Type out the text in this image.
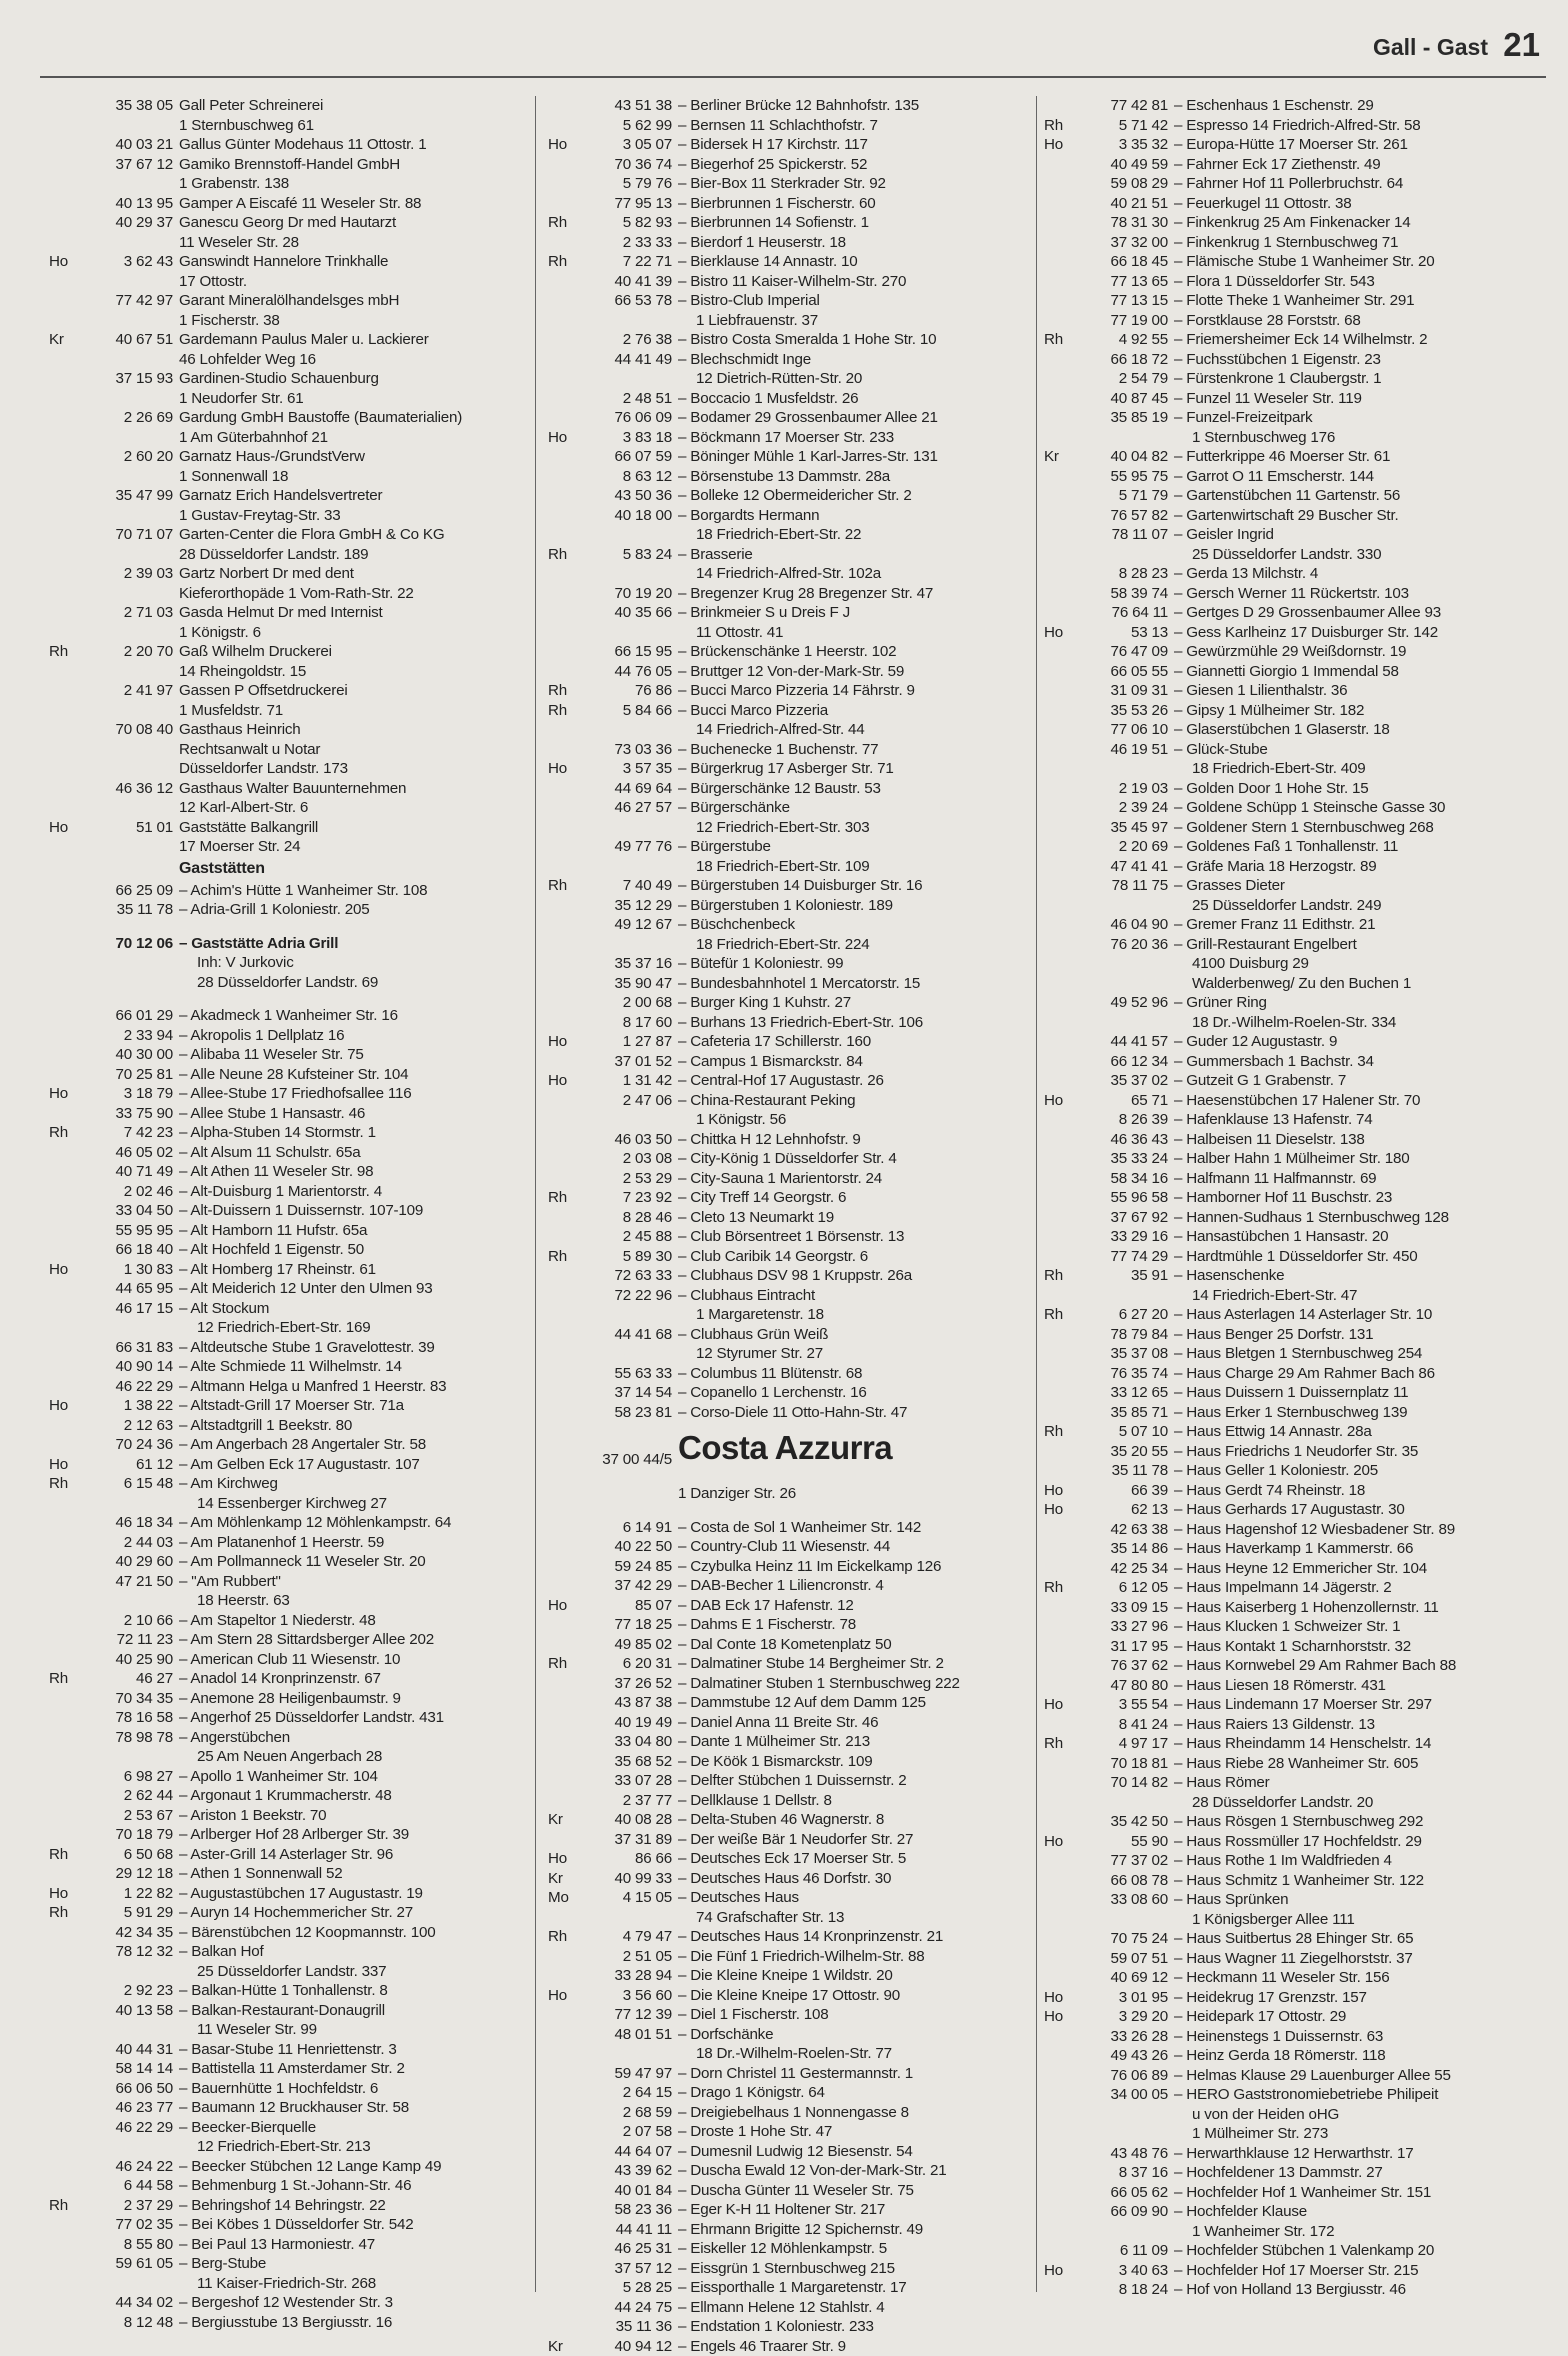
Gall - Gast 21
35 38 05 Gall Peter Schreinerei
1 Sternbuschweg 61
40 03 21 Gallus Günter Modehaus 11 Ottostr. 1
37 67 12 Gamiko Brennstoff-Handel GmbH
1 Grabenstr. 138
40 13 95 Gamper A Eiscafé 11 Weseler Str. 88
40 29 37 Ganescu Georg Dr med Hautarzt
11 Weseler Str. 28
Ho	3 62 43 Ganswindt Hannelore Trinkhalle
17 Ottostr.
77 42 97 Garant Mineralölhandelsges mbH
1 Fischerstr. 38
Kr	40 67 51 Gardemann Paulus Maler u. Lackierer
46 Lohfelder Weg 16
37 15 93 Gardinen-Studio Schauenburg
1 Neudorfer Str. 61
2 26 69 Gardung GmbH Baustoffe (Baumaterialien)
1 Am Güterbahnhof 21
2 60 20 Garnatz Haus-/GrundstVerw
1 Sonnenwall 18
35 47 99 Garnatz Erich Handelsvertreter
1 Gustav-Freytag-Str. 33
70 71 07 Garten-Center die Flora GmbH & Co KG
28 Düsseldorfer Landstr. 189
2 39 03 Gartz Norbert Dr med dent
Kieferorthopäde 1 Vom-Rath-Str. 22
2 71 03 Gasda Helmut Dr med Internist
1 Königstr. 6
Rh	2 20 70 Gaß Wilhelm Druckerei
14 Rheingoldstr. 15
2 41 97 Gassen P Offsetdruckerei
1 Musfeldstr. 71
70 08 40 Gasthaus Heinrich
Rechtsanwalt u Notar
Düsseldorfer Landstr. 173
46 36 12 Gasthaus Walter Bauunternehmen
12 Karl-Albert-Str. 6
Ho	51 01 Gaststätte Balkangrill
17 Moerser Str. 24
Gaststätten
66 25 09 – Achim's Hütte 1 Wanheimer Str. 108
35 11 78 – Adria-Grill 1 Koloniestr. 205
70 12 06 – Gaststätte Adria Grill
Inh: V Jurkovic
28 Düsseldorfer Landstr. 69
66 01 29 – Akadmeck 1 Wanheimer Str. 16
2 33 94 – Akropolis 1 Dellplatz 16
40 30 00 – Alibaba 11 Weseler Str. 75
70 25 81 – Alle Neune 28 Kufsteiner Str. 104
Ho	3 18 79 – Allee-Stube 17 Friedhofsallee 116
33 75 90 – Allee Stube 1 Hansastr. 46
Rh	7 42 23 – Alpha-Stuben 14 Stormstr. 1
46 05 02 – Alt Alsum 11 Schulstr. 65a
40 71 49 – Alt Athen 11 Weseler Str. 98
2 02 46 – Alt-Duisburg 1 Marientorstr. 4
33 04 50 – Alt-Duissern 1 Duissernstr. 107-109
55 95 95 – Alt Hamborn 11 Hufstr. 65a
66 18 40 – Alt Hochfeld 1 Eigenstr. 50
Ho	1 30 83 – Alt Homberg 17 Rheinstr. 61
44 65 95 – Alt Meiderich 12 Unter den Ulmen 93
46 17 15 – Alt Stockum
12 Friedrich-Ebert-Str. 169
66 31 83 – Altdeutsche Stube 1 Gravelottestr. 39
40 90 14 – Alte Schmiede 11 Wilhelmstr. 14
46 22 29 – Altmann Helga u Manfred 1 Heerstr. 83
Ho	1 38 22 – Altstadt-Grill 17 Moerser Str. 71a
2 12 63 – Altstadtgrill 1 Beekstr. 80
70 24 36 – Am Angerbach 28 Angertaler Str. 58
Ho	61 12 – Am Gelben Eck 17 Augustastr. 107
Rh	6 15 48 – Am Kirchweg
14 Essenberger Kirchweg 27
46 18 34 – Am Möhlenkamp 12 Möhlenkampstr. 64
2 44 03 – Am Platanenhof 1 Heerstr. 59
40 29 60 – Am Pollmanneck 11 Weseler Str. 20
47 21 50 – "Am Rubbert"
18 Heerstr. 63
2 10 66 – Am Stapeltor 1 Niederstr. 48
72 11 23 – Am Stern 28 Sittardsberger Allee 202
40 25 90 – American Club 11 Wiesenstr. 10
Rh	46 27 – Anadol 14 Kronprinzenstr. 67
70 34 35 – Anemone 28 Heiligenbaumstr. 9
78 16 58 – Angerhof 25 Düsseldorfer Landstr. 431
78 98 78 – Angerstübchen
25 Am Neuen Angerbach 28
6 98 27 – Apollo 1 Wanheimer Str. 104
2 62 44 – Argonaut 1 Krummacherstr. 48
2 53 67 – Ariston 1 Beekstr. 70
70 18 79 – Arlberger Hof 28 Arlberger Str. 39
Rh	6 50 68 – Aster-Grill 14 Asterlager Str. 96
29 12 18 – Athen 1 Sonnenwall 52
Ho	1 22 82 – Augustastübchen 17 Augustastr. 19
Rh	5 91 29 – Auryn 14 Hochemmericher Str. 27
42 34 35 – Bärenstübchen 12 Koopmannstr. 100
78 12 32 – Balkan Hof
25 Düsseldorfer Landstr. 337
2 92 23 – Balkan-Hütte 1 Tonhallenstr. 8
40 13 58 – Balkan-Restaurant-Donaugrill
11 Weseler Str. 99
40 44 31 – Basar-Stube 11 Henriettenstr. 3
58 14 14 – Battistella 11 Amsterdamer Str. 2
66 06 50 – Bauernhütte 1 Hochfeldstr. 6
46 23 77 – Baumann 12 Bruckhauser Str. 58
46 22 29 – Beecker-Bierquelle
12 Friedrich-Ebert-Str. 213
46 24 22 – Beecker Stübchen 12 Lange Kamp 49
6 44 58 – Behmenburg 1 St.-Johann-Str. 46
Rh	2 37 29 – Behringshof 14 Behringstr. 22
77 02 35 – Bei Köbes 1 Düsseldorfer Str. 542
8 55 80 – Bei Paul 13 Harmoniestr. 47
59 61 05 – Berg-Stube
11 Kaiser-Friedrich-Str. 268
44 34 02 – Bergeshof 12 Westender Str. 3
8 12 48 – Bergiusstube 13 Bergiusstr. 16
43 51 38 – Berliner Brücke 12 Bahnhofstr. 135
5 62 99 – Bernsen 11 Schlachthofstr. 7
Ho	3 05 07 – Bidersek H 17 Kirchstr. 117
70 36 74 – Biegerhof 25 Spickerstr. 52
5 79 76 – Bier-Box 11 Sterkrader Str. 92
77 95 13 – Bierbrunnen 1 Fischerstr. 60
Rh	5 82 93 – Bierbrunnen 14 Sofienstr. 1
2 33 33 – Bierdorf 1 Heuserstr. 18
Rh	7 22 71 – Bierklause 14 Annastr. 10
40 41 39 – Bistro 11 Kaiser-Wilhelm-Str. 270
66 53 78 – Bistro-Club Imperial
1 Liebfrauenstr. 37
2 76 38 – Bistro Costa Smeralda 1 Hohe Str. 10
44 41 49 – Blechschmidt Inge
12 Dietrich-Rütten-Str. 20
2 48 51 – Boccacio 1 Musfeldstr. 26
76 06 09 – Bodamer 29 Grossenbaumer Allee 21
Ho	3 83 18 – Böckmann 17 Moerser Str. 233
66 07 59 – Böninger Mühle 1 Karl-Jarres-Str. 131
8 63 12 – Börsenstube 13 Dammstr. 28a
43 50 36 – Bolleke 12 Obermeidericher Str. 2
40 18 00 – Borgardts Hermann
18 Friedrich-Ebert-Str. 22
Rh	5 83 24 – Brasserie
14 Friedrich-Alfred-Str. 102a
70 19 20 – Bregenzer Krug 28 Bregenzer Str. 47
40 35 66 – Brinkmeier S u Dreis F J
11 Ottostr. 41
66 15 95 – Brückenschänke 1 Heerstr. 102
44 76 05 – Bruttger 12 Von-der-Mark-Str. 59
Rh	76 86 – Bucci Marco Pizzeria 14 Fährstr. 9
Rh	5 84 66 – Bucci Marco Pizzeria
14 Friedrich-Alfred-Str. 44
73 03 36 – Buchenecke 1 Buchenstr. 77
Ho	3 57 35 – Bürgerkrug 17 Asberger Str. 71
44 69 64 – Bürgerschänke 12 Baustr. 53
46 27 57 – Bürgerschänke
12 Friedrich-Ebert-Str. 303
49 77 76 – Bürgerstube
18 Friedrich-Ebert-Str. 109
Rh	7 40 49 – Bürgerstuben 14 Duisburger Str. 16
35 12 29 – Bürgerstuben 1 Koloniestr. 189
49 12 67 – Büschchenbeck
18 Friedrich-Ebert-Str. 224
35 37 16 – Bütefür 1 Koloniestr. 99
35 90 47 – Bundesbahnhotel 1 Mercatorstr. 15
2 00 68 – Burger King 1 Kuhstr. 27
8 17 60 – Burhans 13 Friedrich-Ebert-Str. 106
Ho	1 27 87 – Cafeteria 17 Schillerstr. 160
37 01 52 – Campus 1 Bismarckstr. 84
Ho	1 31 42 – Central-Hof 17 Augustastr. 26
2 47 06 – China-Restaurant Peking
1 Königstr. 56
46 03 50 – Chittka H 12 Lehnhofstr. 9
2 03 08 – City-König 1 Düsseldorfer Str. 4
2 53 29 – City-Sauna 1 Marientorstr. 24
Rh	7 23 92 – City Treff 14 Georgstr. 6
8 28 46 – Cleto 13 Neumarkt 19
2 45 88 – Club Börsentreet 1 Börsenstr. 13
Rh	5 89 30 – Club Caribik 14 Georgstr. 6
72 63 33 – Clubhaus DSV 98 1 Kruppstr. 26a
72 22 96 – Clubhaus Eintracht
1 Margaretenstr. 18
44 41 68 – Clubhaus Grün Weiß
12 Styrumer Str. 27
55 63 33 – Columbus 11 Blütenstr. 68
37 14 54 – Copanello 1 Lerchenstr. 16
58 23 81 – Corso-Diele 11 Otto-Hahn-Str. 47
37 00 44/5 Costa Azzurra
1 Danziger Str. 26
6 14 91 – Costa de Sol 1 Wanheimer Str. 142
40 22 50 – Country-Club 11 Wiesenstr. 44
59 24 85 – Czybulka Heinz 11 Im Eickelkamp 126
37 42 29 – DAB-Becher 1 Liliencronstr. 4
Ho	85 07 – DAB Eck 17 Hafenstr. 12
77 18 25 – Dahms E 1 Fischerstr. 78
49 85 02 – Dal Conte 18 Kometenplatz 50
Rh	6 20 31 – Dalmatiner Stube 14 Bergheimer Str. 2
37 26 52 – Dalmatiner Stuben 1 Sternbuschweg 222
43 87 38 – Dammstube 12 Auf dem Damm 125
40 19 49 – Daniel Anna 11 Breite Str. 46
33 04 80 – Dante 1 Mülheimer Str. 213
35 68 52 – De Köök 1 Bismarckstr. 109
33 07 28 – Delfter Stübchen 1 Duissernstr. 2
2 37 77 – Dellklause 1 Dellstr. 8
Kr	40 08 28 – Delta-Stuben 46 Wagnerstr. 8
37 31 89 – Der weiße Bär 1 Neudorfer Str. 27
Ho	86 66 – Deutsches Eck 17 Moerser Str. 5
Kr	40 99 33 – Deutsches Haus 46 Dorfstr. 30
Mo	4 15 05 – Deutsches Haus
74 Grafschafter Str. 13
Rh	4 79 47 – Deutsches Haus 14 Kronprinzenstr. 21
2 51 05 – Die Fünf 1 Friedrich-Wilhelm-Str. 88
33 28 94 – Die Kleine Kneipe 1 Wildstr. 20
Ho	3 56 60 – Die Kleine Kneipe 17 Ottostr. 90
77 12 39 – Diel 1 Fischerstr. 108
48 01 51 – Dorfschänke
18 Dr.-Wilhelm-Roelen-Str. 77
59 47 97 – Dorn Christel 11 Gestermannstr. 1
2 64 15 – Drago 1 Königstr. 64
2 68 59 – Dreigiebelhaus 1 Nonnengasse 8
2 07 58 – Droste 1 Hohe Str. 47
44 64 07 – Dumesnil Ludwig 12 Biesenstr. 54
43 39 62 – Duscha Ewald 12 Von-der-Mark-Str. 21
40 01 84 – Duscha Günter 11 Weseler Str. 75
58 23 36 – Eger K-H 11 Holtener Str. 217
44 41 11 – Ehrmann Brigitte 12 Spichernstr. 49
46 25 31 – Eiskeller 12 Möhlenkampstr. 5
37 57 12 – Eissgrün 1 Sternbuschweg 215
5 28 25 – Eissporthalle 1 Margaretenstr. 17
44 24 75 – Ellmann Helene 12 Stahlstr. 4
35 11 36 – Endstation 1 Koloniestr. 233
Kr	40 94 12 – Engels 46 Traarer Str. 9
77 42 81 – Eschenhaus 1 Eschenstr. 29
Rh	5 71 42 – Espresso 14 Friedrich-Alfred-Str. 58
Ho	3 35 32 – Europa-Hütte 17 Moerser Str. 261
40 49 59 – Fahrner Eck 17 Ziethenstr. 49
59 08 29 – Fahrner Hof 11 Pollerbruchstr. 64
40 21 51 – Feuerkugel 11 Ottostr. 38
78 31 30 – Finkenkrug 25 Am Finkenacker 14
37 32 00 – Finkenkrug 1 Sternbuschweg 71
66 18 45 – Flämische Stube 1 Wanheimer Str. 20
77 13 65 – Flora 1 Düsseldorfer Str. 543
77 13 15 – Flotte Theke 1 Wanheimer Str. 291
77 19 00 – Forstklause 28 Forststr. 68
Rh	4 92 55 – Friemersheimer Eck 14 Wilhelmstr. 2
66 18 72 – Fuchsstübchen 1 Eigenstr. 23
2 54 79 – Fürstenkrone 1 Claubergstr. 1
40 87 45 – Funzel 11 Weseler Str. 119
35 85 19 – Funzel-Freizeitpark
1 Sternbuschweg 176
Kr	40 04 82 – Futterkrippe 46 Moerser Str. 61
55 95 75 – Garrot O 11 Emscherstr. 144
5 71 79 – Gartenstübchen 11 Gartenstr. 56
76 57 82 – Gartenwirtschaft 29 Buscher Str.
78 11 07 – Geisler Ingrid
25 Düsseldorfer Landstr. 330
8 28 23 – Gerda 13 Milchstr. 4
58 39 74 – Gersch Werner 11 Rückertstr. 103
76 64 11 – Gertges D 29 Grossenbaumer Allee 93
Ho	53 13 – Gess Karlheinz 17 Duisburger Str. 142
76 47 09 – Gewürzmühle 29 Weißdornstr. 19
66 05 55 – Giannetti Giorgio 1 Immendal 58
31 09 31 – Giesen 1 Lilienthalstr. 36
35 53 26 – Gipsy 1 Mülheimer Str. 182
77 06 10 – Glaserstübchen 1 Glaserstr. 18
46 19 51 – Glück-Stube
18 Friedrich-Ebert-Str. 409
2 19 03 – Golden Door 1 Hohe Str. 15
2 39 24 – Goldene Schüpp 1 Steinsche Gasse 30
35 45 97 – Goldener Stern 1 Sternbuschweg 268
2 20 69 – Goldenes Faß 1 Tonhallenstr. 11
47 41 41 – Gräfe Maria 18 Herzogstr. 89
78 11 75 – Grasses Dieter
25 Düsseldorfer Landstr. 249
46 04 90 – Gremer Franz 11 Edithstr. 21
76 20 36 – Grill-Restaurant Engelbert
4100 Duisburg 29
Walderbenweg/ Zu den Buchen 1
49 52 96 – Grüner Ring
18 Dr.-Wilhelm-Roelen-Str. 334
44 41 57 – Guder 12 Augustastr. 9
66 12 34 – Gummersbach 1 Bachstr. 34
35 37 02 – Gutzeit G 1 Grabenstr. 7
Ho	65 71 – Haesenstübchen 17 Halener Str. 70
8 26 39 – Hafenklause 13 Hafenstr. 74
46 36 43 – Halbeisen 11 Dieselstr. 138
35 33 24 – Halber Hahn 1 Mülheimer Str. 180
58 34 16 – Halfmann 11 Halfmannstr. 69
55 96 58 – Hamborner Hof 11 Buschstr. 23
37 67 92 – Hannen-Sudhaus 1 Sternbuschweg 128
33 29 16 – Hansastübchen 1 Hansastr. 20
77 74 29 – Hardtmühle 1 Düsseldorfer Str. 450
Rh	35 91 – Hasenschenke
14 Friedrich-Ebert-Str. 47
Rh	6 27 20 – Haus Asterlagen 14 Asterlager Str. 10
78 79 84 – Haus Benger 25 Dorfstr. 131
35 37 08 – Haus Bletgen 1 Sternbuschweg 254
76 35 74 – Haus Charge 29 Am Rahmer Bach 86
33 12 65 – Haus Duissern 1 Duissernplatz 11
35 85 71 – Haus Erker 1 Sternbuschweg 139
Rh	5 07 10 – Haus Ettwig 14 Annastr. 28a
35 20 55 – Haus Friedrichs 1 Neudorfer Str. 35
35 11 78 – Haus Geller 1 Koloniestr. 205
Ho	66 39 – Haus Gerdt 74 Rheinstr. 18
Ho	62 13 – Haus Gerhards 17 Augustastr. 30
42 63 38 – Haus Hagenshof 12 Wiesbadener Str. 89
35 14 86 – Haus Haverkamp 1 Kammerstr. 66
42 25 34 – Haus Heyne 12 Emmericher Str. 104
Rh	6 12 05 – Haus Impelmann 14 Jägerstr. 2
33 09 15 – Haus Kaiserberg 1 Hohenzollernstr. 11
33 27 96 – Haus Klucken 1 Schweizer Str. 1
31 17 95 – Haus Kontakt 1 Scharnhorststr. 32
76 37 62 – Haus Kornwebel 29 Am Rahmer Bach 88
47 80 80 – Haus Liesen 18 Römerstr. 431
Ho	3 55 54 – Haus Lindemann 17 Moerser Str. 297
8 41 24 – Haus Raiers 13 Gildenstr. 13
Rh	4 97 17 – Haus Rheindamm 14 Henschelstr. 14
70 18 81 – Haus Riebe 28 Wanheimer Str. 605
70 14 82 – Haus Römer
28 Düsseldorfer Landstr. 20
35 42 50 – Haus Rösgen 1 Sternbuschweg 292
Ho	55 90 – Haus Rossmüller 17 Hochfeldstr. 29
77 37 02 – Haus Rothe 1 Im Waldfrieden 4
66 08 78 – Haus Schmitz 1 Wanheimer Str. 122
33 08 60 – Haus Sprünken
1 Königsberger Allee 111
70 75 24 – Haus Suitbertus 28 Ehinger Str. 65
59 07 51 – Haus Wagner 11 Ziegelhorststr. 37
40 69 12 – Heckmann 11 Weseler Str. 156
Ho	3 01 95 – Heidekrug 17 Grenzstr. 157
Ho	3 29 20 – Heidepark 17 Ottostr. 29
33 26 28 – Heinenstegs 1 Duissernstr. 63
49 43 26 – Heinz Gerda 18 Römerstr. 118
76 06 89 – Helmas Klause 29 Lauenburger Allee 55
34 00 05 – HERO Gaststronomiebetriebe Philipeit
u von der Heiden oHG
1 Mülheimer Str. 273
43 48 76 – Herwarthklause 12 Herwarthstr. 17
8 37 16 – Hochfeldener 13 Dammstr. 27
66 05 62 – Hochfelder Hof 1 Wanheimer Str. 151
66 09 90 – Hochfelder Klause
1 Wanheimer Str. 172
6 11 09 – Hochfelder Stübchen 1 Valenkamp 20
Ho	3 40 63 – Hochfelder Hof 17 Moerser Str. 215
8 18 24 – Hof von Holland 13 Bergiusstr. 46
